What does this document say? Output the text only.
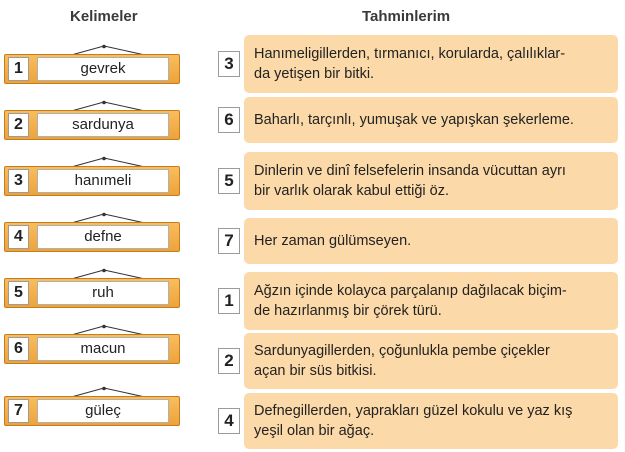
Kelimeler	Tahminlerim
1	gevrek
2	sardunya
3	hanımeli
4	defne
5	ruh
6	macun
7	güleç
3	Hanımeligillerden, tırmanıcı, korularda, çalılıklar-
da yetişen bir bitki.
6	Baharlı, tarçınlı, yumuşak ve yapışkan şekerleme.
5	Dinlerin ve dinî felsefelerin insanda vücuttan ayrı
bir varlık olarak kabul ettiği öz.
7	Her zaman gülümseyen.
1	Ağzın içinde kolayca parçalanıp dağılacak biçim-
de hazırlanmış bir çörek türü.
2	Sardunyagillerden, çoğunlukla pembe çiçekler
açan bir süs bitkisi.
4	Defnegillerden, yaprakları güzel kokulu ve yaz kış
yeşil olan bir ağaç.
